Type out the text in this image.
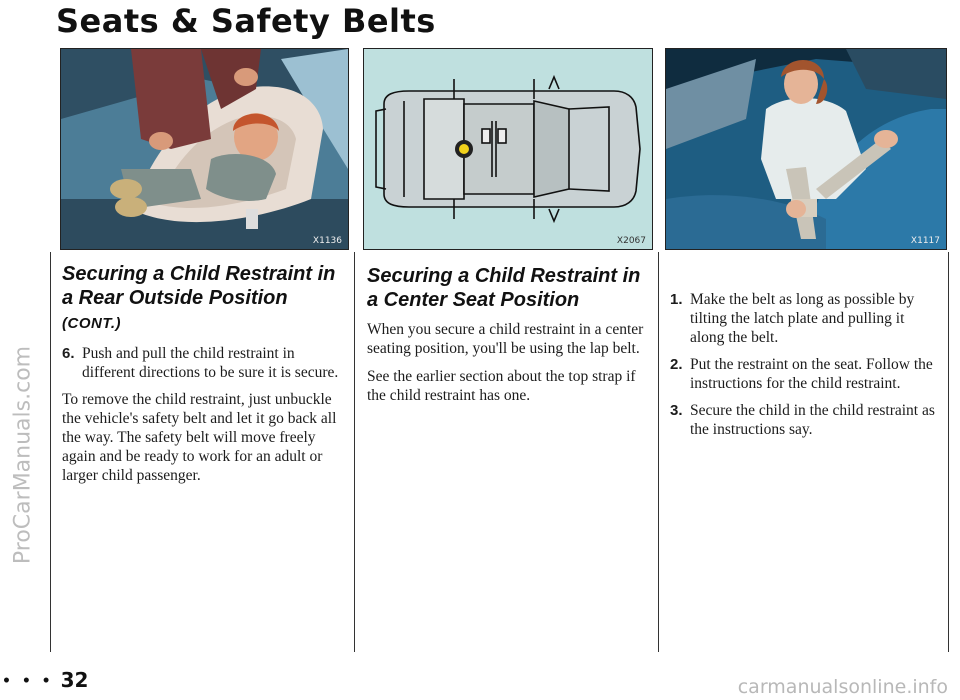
Seats & Safety Belts
ProCarManuals.com
X1136	X2067	X1117
Securing a Child Restraint in a Rear Outside Position (CONT.)
6. Push and pull the child restraint in different directions to be sure it is secure.

To remove the child restraint, just unbuckle the vehicle's safety belt and let it go back all the way. The safety belt will move freely again and be ready to work for an adult or larger child passenger.

Securing a Child Restraint in a Center Seat Position

When you secure a child restraint in a center seating position, you'll be using the lap belt.

See the earlier section about the top strap if the child restraint has one.

1. Make the belt as long as possible by tilting the latch plate and pulling it along the belt.
2. Put the restraint on the seat. Follow the instructions for the child restraint.
3. Secure the child in the child restraint as the instructions say.
• • • 32	carmanualsonline.info
